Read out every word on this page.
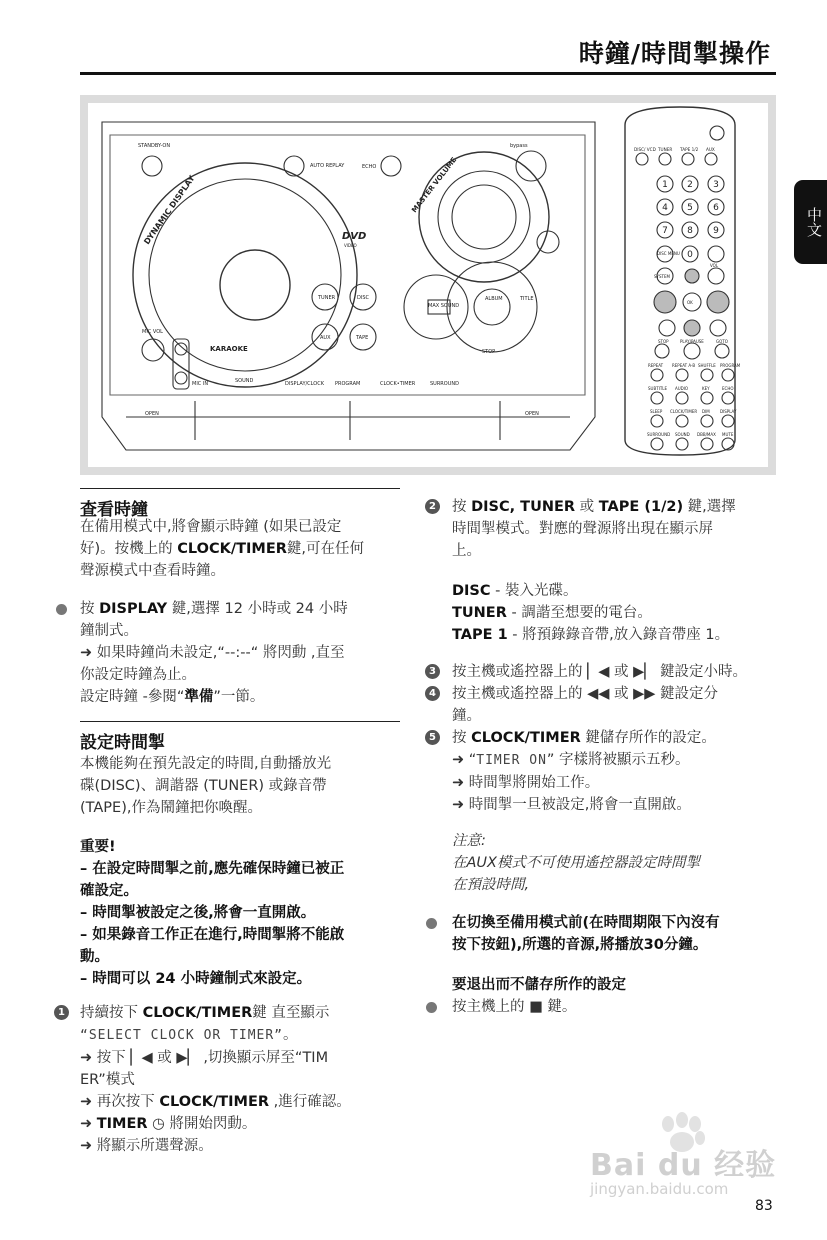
時鐘/時間掣操作
中文
STANDBY-ON
AUTO REPLAY	ECHO
bypass
DYNAMIC DISPLAY	MASTER VOLUME
DVD
VIDEO
MAX SOUND
TUNER	DISC
AUX	TAPE
MIC VOL
MIC IN
KARAOKE
SOUND	DISPLAY/CLOCK PROGRAM	CLOCK•TIMER	SURROUND
OPEN	OPEN
STOP
ALBUM	TITLE
DISC/ VCD TUNER TAPE 1/2 AUX
1 2 3
4 5 6
7 8 9
0
DISC MENU
VOL
SYSTEM
OK
STOP	PLAY/PAUSE	GOTO
REPEAT REPEAT A-B SHUFFLE PROGRAM
SUBTITLE AUDIO	KEY	ECHO
SLEEP CLOCK/TIMER DIM	DISPLAY
SURROUND SOUND DBB/MAX MUTE
查看時鐘
在備用模式中,將會顯示時鐘 (如果已設定
好)。按機上的 CLOCK/TIMER鍵,可在任何
聲源模式中查看時鐘。
按 DISPLAY 鍵,選擇 12 小時或 24 小時
鐘制式。
➜ 如果時鐘尚未設定,“--:--“ 將閃動 ,直至
你設定時鐘為止。
設定時鐘 -參閱“準備”一節。
設定時間掣
本機能夠在預先設定的時間,自動播放光
碟(DISC)、調諧器 (TUNER) 或錄音帶
(TAPE),作為鬧鐘把你喚醒。
重要!
– 在設定時間掣之前,應先確保時鐘已被正
確設定。
– 時間掣被設定之後,將會一直開啟。
– 如果錄音工作正在進行,時間掣將不能啟
動。
– 時間可以 24 小時鐘制式來設定。
1 持續按下 CLOCK/TIMER鍵 直至顯示
“SELECT CLOCK OR TIMER”。
➜ 按下 ▏◀ 或 ▶▏ ,切換顯示屏至“TIM
ER”模式
➜ 再次按下 CLOCK/TIMER ,進行確認。
➜ TIMER ◷ 將開始閃動。
➜ 將顯示所選聲源。
2 按 DISC, TUNER 或 TAPE (1/2) 鍵,選擇
時間掣模式。對應的聲源將出現在顯示屏
上。
DISC - 裝入光碟。
TUNER - 調諧至想要的電台。
TAPE 1 - 將預錄錄音帶,放入錄音帶座 1。
3 按主機或遙控器上的 ▏◀ 或 ▶▏ 鍵設定小時。
4 按主機或遙控器上的 ◀◀ 或 ▶▶ 鍵設定分
鐘。
5 按 CLOCK/TIMER 鍵儲存所作的設定。
➜ “TIMER ON” 字樣將被顯示五秒。
➜ 時間掣將開始工作。
➜ 時間掣一旦被設定,將會一直開啟。
注意:
在AUX模式不可使用遙控器設定時間掣
在預設時間,
在切換至備用模式前(在時間期限下內沒有
按下按鈕),所選的音源,將播放30分鐘。
要退出而不儲存所作的設定
按主機上的 ■ 鍵。
Bai du 经验
jingyan.baidu.com
83
